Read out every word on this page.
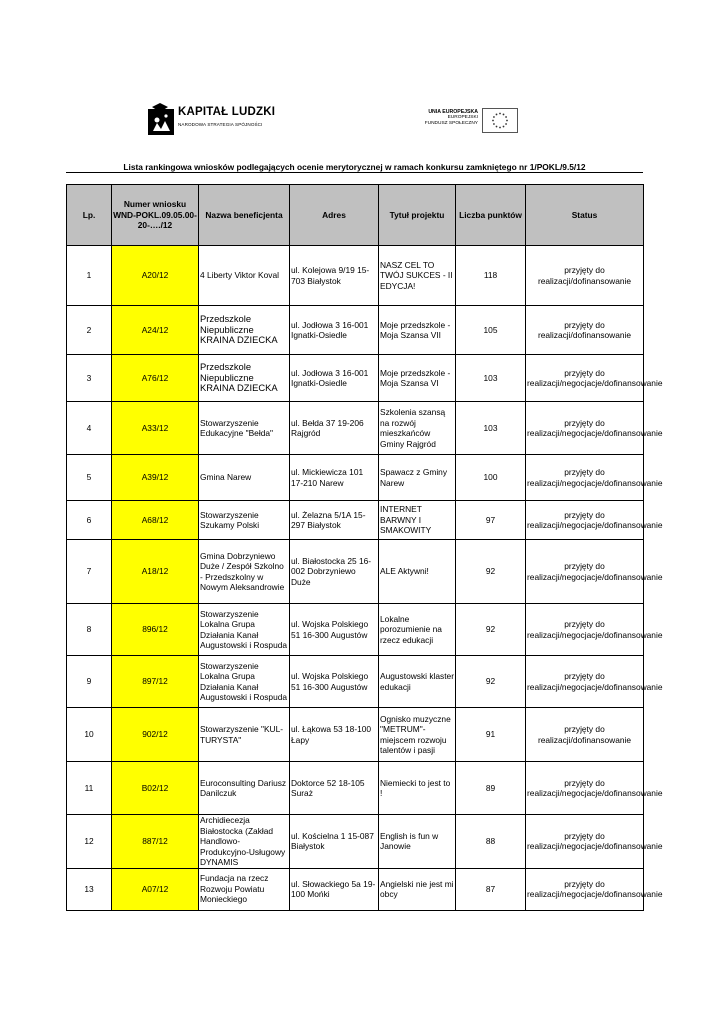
KAPITAŁ LUDZKI
NARODOWA STRATEGIA SPÓJNOŚCI
UNIA EUROPEJSKA
EUROPEJSKI
FUNDUSZ SPOŁECZNY
Lista rankingowa wniosków podlegających ocenie merytorycznej w ramach konkursu zamkniętego nr 1/POKL/9.5/12
Lp.	Numer wniosku WND-POKL.09.05.00-20-…./12	Nazwa beneficjenta	Adres	Tytuł projektu	Liczba punktów	Status
1	A20/12	4 Liberty Viktor Koval	ul. Kolejowa 9/19 15-703 Białystok	NASZ CEL TO TWÓJ SUKCES - II EDYCJA!	118	przyjęty do realizacji/dofinansowanie
2	A24/12	Przedszkole Niepubliczne KRAINA DZIECKA	ul. Jodłowa 3 16-001 Ignatki-Osiedle	Moje przedszkole - Moja Szansa VII	105	przyjęty do realizacji/dofinansowanie
3	A76/12	Przedszkole Niepubliczne KRAINA DZIECKA	ul. Jodłowa 3 16-001 Ignatki-Osiedle	Moje przedszkole - Moja Szansa VI	103	przyjęty do realizacji/negocjacje/dofinansowanie
4	A33/12	Stowarzyszenie Edukacyjne "Bełda"	ul. Bełda 37 19-206 Rajgród	Szkolenia szansą na rozwój mieszkańców Gminy Rajgród	103	przyjęty do realizacji/negocjacje/dofinansowanie
5	A39/12	Gmina Narew	ul. Mickiewicza 101 17-210 Narew	Spawacz z Gminy Narew	100	przyjęty do realizacji/negocjacje/dofinansowanie
6	A68/12	Stowarzyszenie Szukamy Polski	ul. Żelazna 5/1A 15-297 Białystok	INTERNET BARWNY I SMAKOWITY	97	przyjęty do realizacji/negocjacje/dofinansowanie
7	A18/12	Gmina Dobrzyniewo Duże / Zespół Szkolno - Przedszkolny w Nowym Aleksandrowie	ul. Białostocka 25 16-002 Dobrzyniewo Duże	ALE Aktywni!	92	przyjęty do realizacji/negocjacje/dofinansowanie
8	896/12	Stowarzyszenie Lokalna Grupa Działania Kanał Augustowski i Rospuda	ul. Wojska Polskiego 51 16-300 Augustów	Lokalne porozumienie na rzecz edukacji	92	przyjęty do realizacji/negocjacje/dofinansowanie
9	897/12	Stowarzyszenie Lokalna Grupa Działania Kanał Augustowski i Rospuda	ul. Wojska Polskiego 51 16-300 Augustów	Augustowski klaster edukacji	92	przyjęty do realizacji/negocjacje/dofinansowanie
10	902/12	Stowarzyszenie "KUL-TURYSTA"	ul. Łąkowa 53 18-100 Łapy	Ognisko muzyczne "METRUM"- miejscem rozwoju talentów i pasji	91	przyjęty do realizacji/dofinansowanie
11	B02/12	Euroconsulting Dariusz Danilczuk	Doktorce 52 18-105 Suraż	Niemiecki to jest to !	89	przyjęty do realizacji/negocjacje/dofinansowanie
12	887/12	Archidiecezja Białostocka (Zakład Handlowo-Produkcyjno-Usługowy DYNAMIS	ul. Kościelna 1 15-087 Białystok	English is fun w Janowie	88	przyjęty do realizacji/negocjacje/dofinansowanie
13	A07/12	Fundacja na rzecz Rozwoju Powiatu Monieckiego	ul. Słowackiego 5a 19-100 Mońki	Angielski nie jest mi obcy	87	przyjęty do realizacji/negocjacje/dofinansowanie
